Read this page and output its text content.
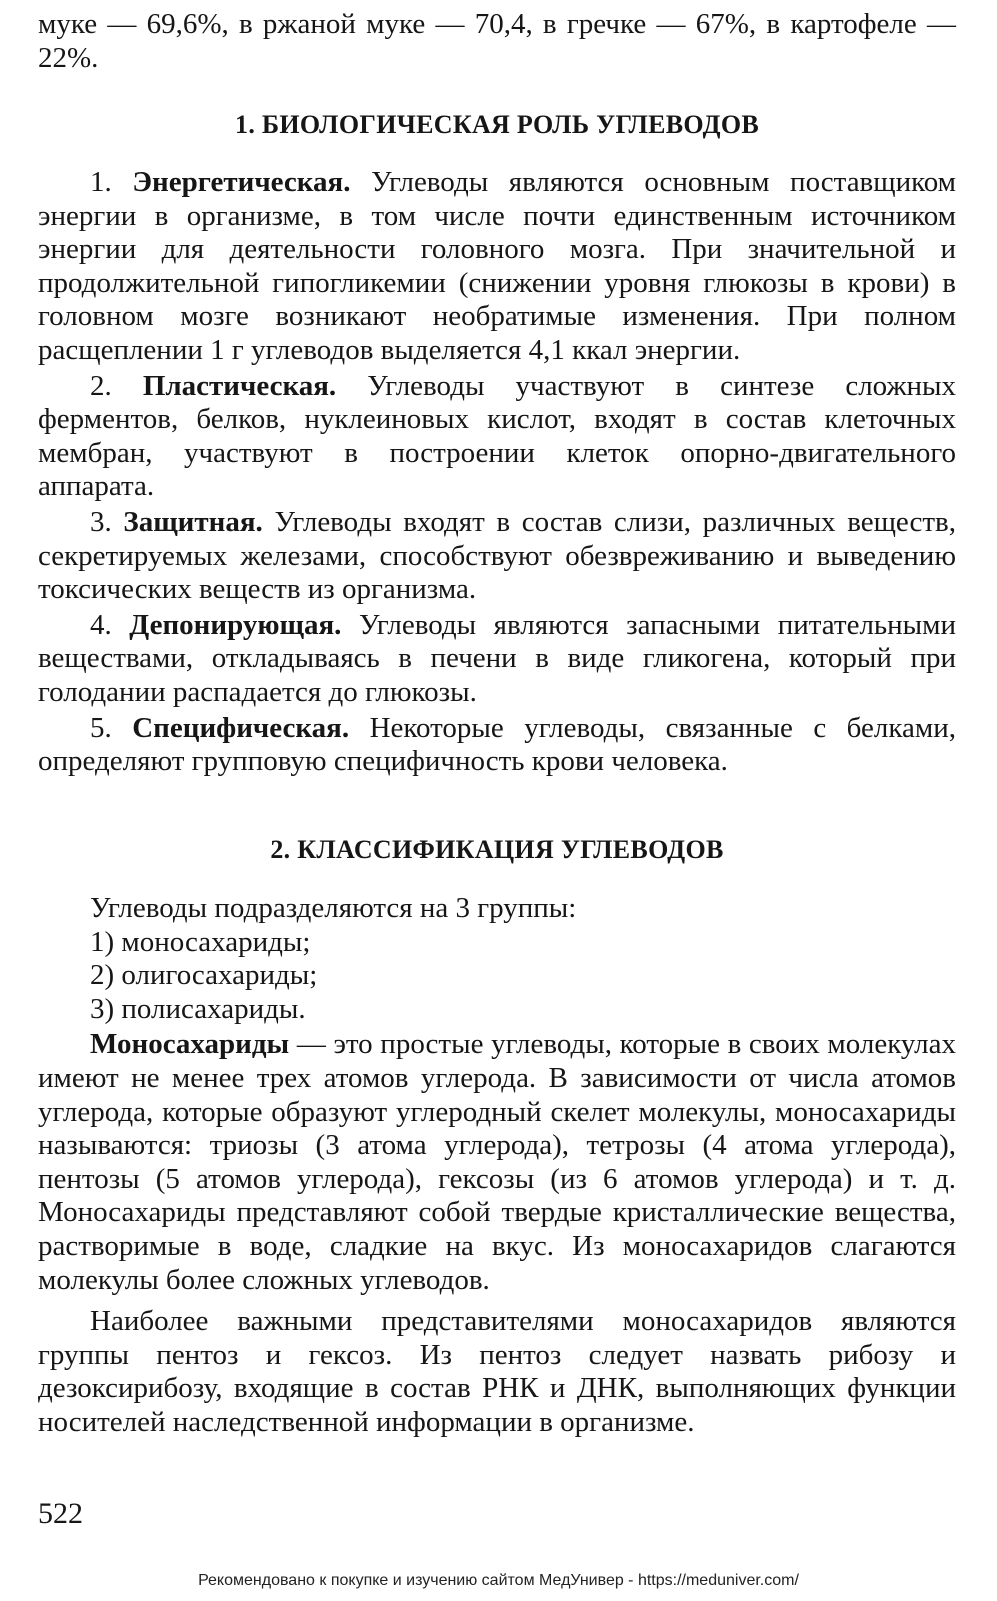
муке — 69,6%, в ржаной муке — 70,4, в гречке — 67%, в картофеле — 22%.

1. БИОЛОГИЧЕСКАЯ РОЛЬ УГЛЕВОДОВ

1. Энергетическая. Углеводы являются основным поставщиком энергии в организме, в том числе почти единственным источником энергии для деятельности головного мозга. При значительной и продолжительной гипогликемии (снижении уровня глюкозы в крови) в головном мозге возникают необратимые изменения. При полном расщеплении 1 г углеводов выделяется 4,1 ккал энергии.

2. Пластическая. Углеводы участвуют в синтезе сложных ферментов, белков, нуклеиновых кислот, входят в состав клеточных мембран, участвуют в построении клеток опорно-двигательного аппарата.

3. Защитная. Углеводы входят в состав слизи, различных веществ, секретируемых железами, способствуют обезвреживанию и выведению токсических веществ из организма.

4. Депонирующая. Углеводы являются запасными питательными веществами, откладываясь в печени в виде гликогена, который при голодании распадается до глюкозы.

5. Специфическая. Некоторые углеводы, связанные с белками, определяют групповую специфичность крови человека.

2. КЛАССИФИКАЦИЯ УГЛЕВОДОВ

Углеводы подразделяются на 3 группы:

1) моносахариды;

2) олигосахариды;

3) полисахариды.

Моносахариды — это простые углеводы, которые в своих молекулах имеют не менее трех атомов углерода. В зависимости от числа атомов углерода, которые образуют углеродный скелет молекулы, моносахариды называются: триозы (3 атома углерода), тетрозы (4 атома углерода), пентозы (5 атомов углерода), гексозы (из 6 атомов углерода) и т. д. Моносахариды представляют собой твердые кристаллические вещества, растворимые в воде, сладкие на вкус. Из моносахаридов слагаются молекулы более сложных углеводов.

Наиболее важными представителями моносахаридов являются группы пентоз и гексоз. Из пентоз следует назвать рибозу и дезоксирибозу, входящие в состав РНК и ДНК, выполняющих функции носителей наследственной информации в организме.

522
Рекомендовано к покупке и изучению сайтом МедУнивер - https://meduniver.com/
